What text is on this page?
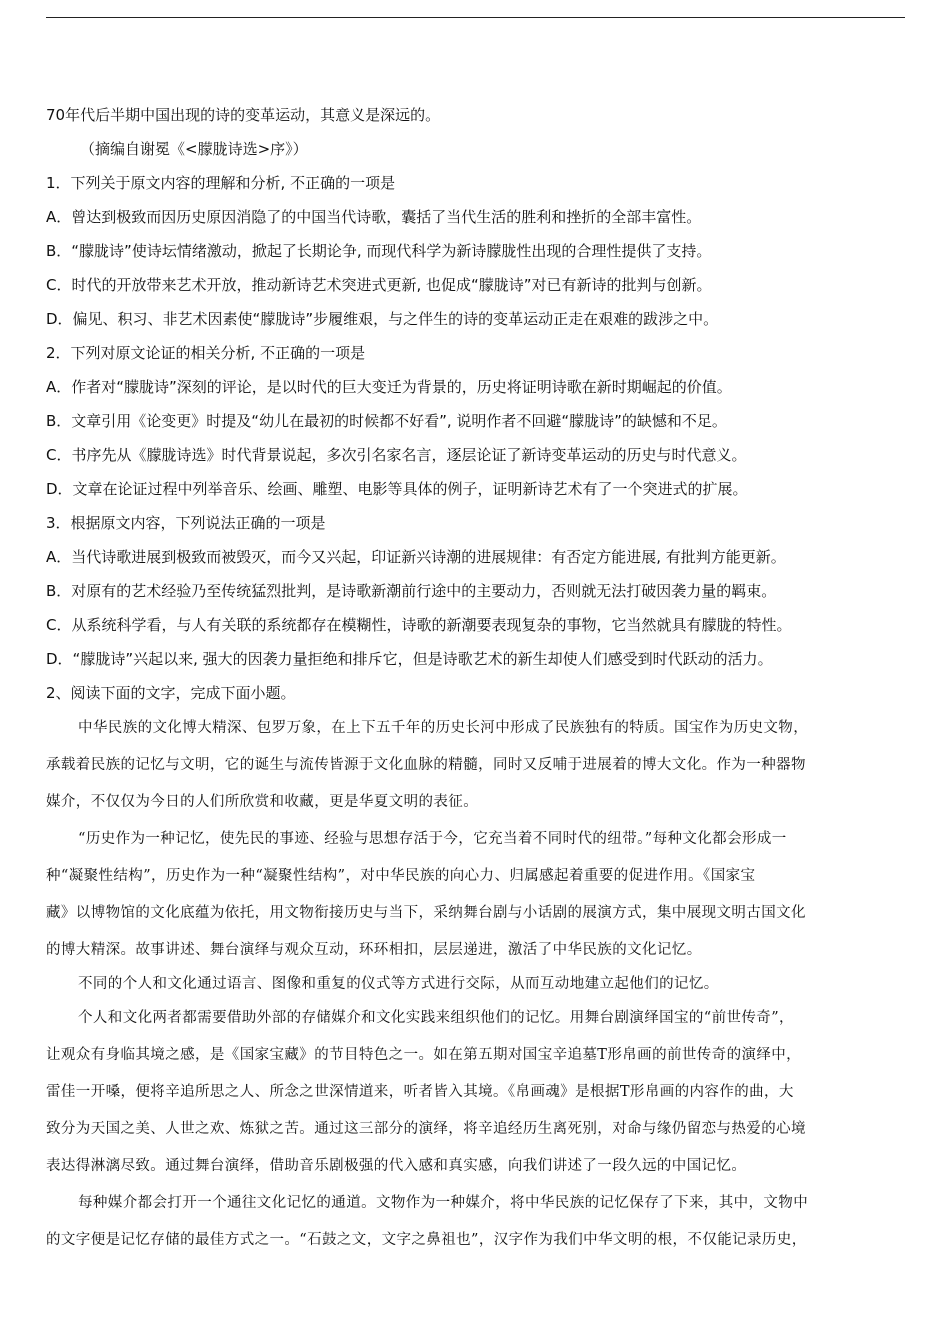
70年代后半期中国出现的诗的变革运动，其意义是深远的。
（摘编自谢冕《<朦胧诗选>序》）
1．下列关于原文内容的理解和分析, 不正确的一项是
A．曾达到极致而因历史原因消隐了的中国当代诗歌，囊括了当代生活的胜利和挫折的全部丰富性。
B．“朦胧诗”使诗坛情绪激动，掀起了长期论争, 而现代科学为新诗朦胧性出现的合理性提供了支持。
C．时代的开放带来艺术开放，推动新诗艺术突进式更新, 也促成“朦胧诗”对已有新诗的批判与创新。
D．偏见、积习、非艺术因素使“朦胧诗”步履维艰，与之伴生的诗的变革运动正走在艰难的跋涉之中。
2．下列对原文论证的相关分析, 不正确的一项是
A．作者对“朦胧诗”深刻的评论，是以时代的巨大变迁为背景的，历史将证明诗歌在新时期崛起的价值。
B．文章引用《论变更》时提及“幼儿在最初的时候都不好看”, 说明作者不回避“朦胧诗”的缺憾和不足。
C．书序先从《朦胧诗选》时代背景说起，多次引名家名言，逐层论证了新诗变革运动的历史与时代意义。
D．文章在论证过程中列举音乐、绘画、雕塑、电影等具体的例子，证明新诗艺术有了一个突进式的扩展。
3．根据原文内容，下列说法正确的一项是
A．当代诗歌进展到极致而被毁灭，而今又兴起，印证新兴诗潮的进展规律：有否定方能进展, 有批判方能更新。
B．对原有的艺术经验乃至传统猛烈批判，是诗歌新潮前行途中的主要动力，否则就无法打破因袭力量的羁束。
C．从系统科学看，与人有关联的系统都存在模糊性，诗歌的新潮要表现复杂的事物，它当然就具有朦胧的特性。
D．“朦胧诗”兴起以来, 强大的因袭力量拒绝和排斥它，但是诗歌艺术的新生却使人们感受到时代跃动的活力。
2、阅读下面的文字，完成下面小题。
中华民族的文化博大精深、包罗万象，在上下五千年的历史长河中形成了民族独有的特质。国宝作为历史文物，
承载着民族的记忆与文明，它的诞生与流传皆源于文化血脉的精髓，同时又反哺于进展着的博大文化。作为一种器物
媒介，不仅仅为今日的人们所欣赏和收藏，更是华夏文明的表征。
“历史作为一种记忆，使先民的事迹、经验与思想存活于今，它充当着不同时代的纽带。”每种文化都会形成一
种“凝聚性结构”，历史作为一种“凝聚性结构”，对中华民族的向心力、归属感起着重要的促进作用。《国家宝
藏》以博物馆的文化底蕴为依托，用文物衔接历史与当下，采纳舞台剧与小话剧的展演方式，集中展现文明古国文化
的博大精深。故事讲述、舞台演绎与观众互动，环环相扣，层层递进，激活了中华民族的文化记忆。
不同的个人和文化通过语言、图像和重复的仪式等方式进行交际，从而互动地建立起他们的记忆。
个人和文化两者都需要借助外部的存储媒介和文化实践来组织他们的记忆。用舞台剧演绎国宝的“前世传奇”，
让观众有身临其境之感，是《国家宝藏》的节目特色之一。如在第五期对国宝辛追墓T形帛画的前世传奇的演绎中，
雷佳一开嗓，便将辛追所思之人、所念之世深情道来，听者皆入其境。《帛画魂》是根据T形帛画的内容作的曲，大
致分为天国之美、人世之欢、炼狱之苦。通过这三部分的演绎，将辛追经历生离死别，对命与缘仍留恋与热爱的心境
表达得淋漓尽致。通过舞台演绎，借助音乐剧极强的代入感和真实感，向我们讲述了一段久远的中国记忆。
每种媒介都会打开一个通往文化记忆的通道。文物作为一种媒介，将中华民族的记忆保存了下来，其中，文物中
的文字便是记忆存储的最佳方式之一。“石鼓之文，文字之鼻祖也”，汉字作为我们中华文明的根，不仅能记录历史，
